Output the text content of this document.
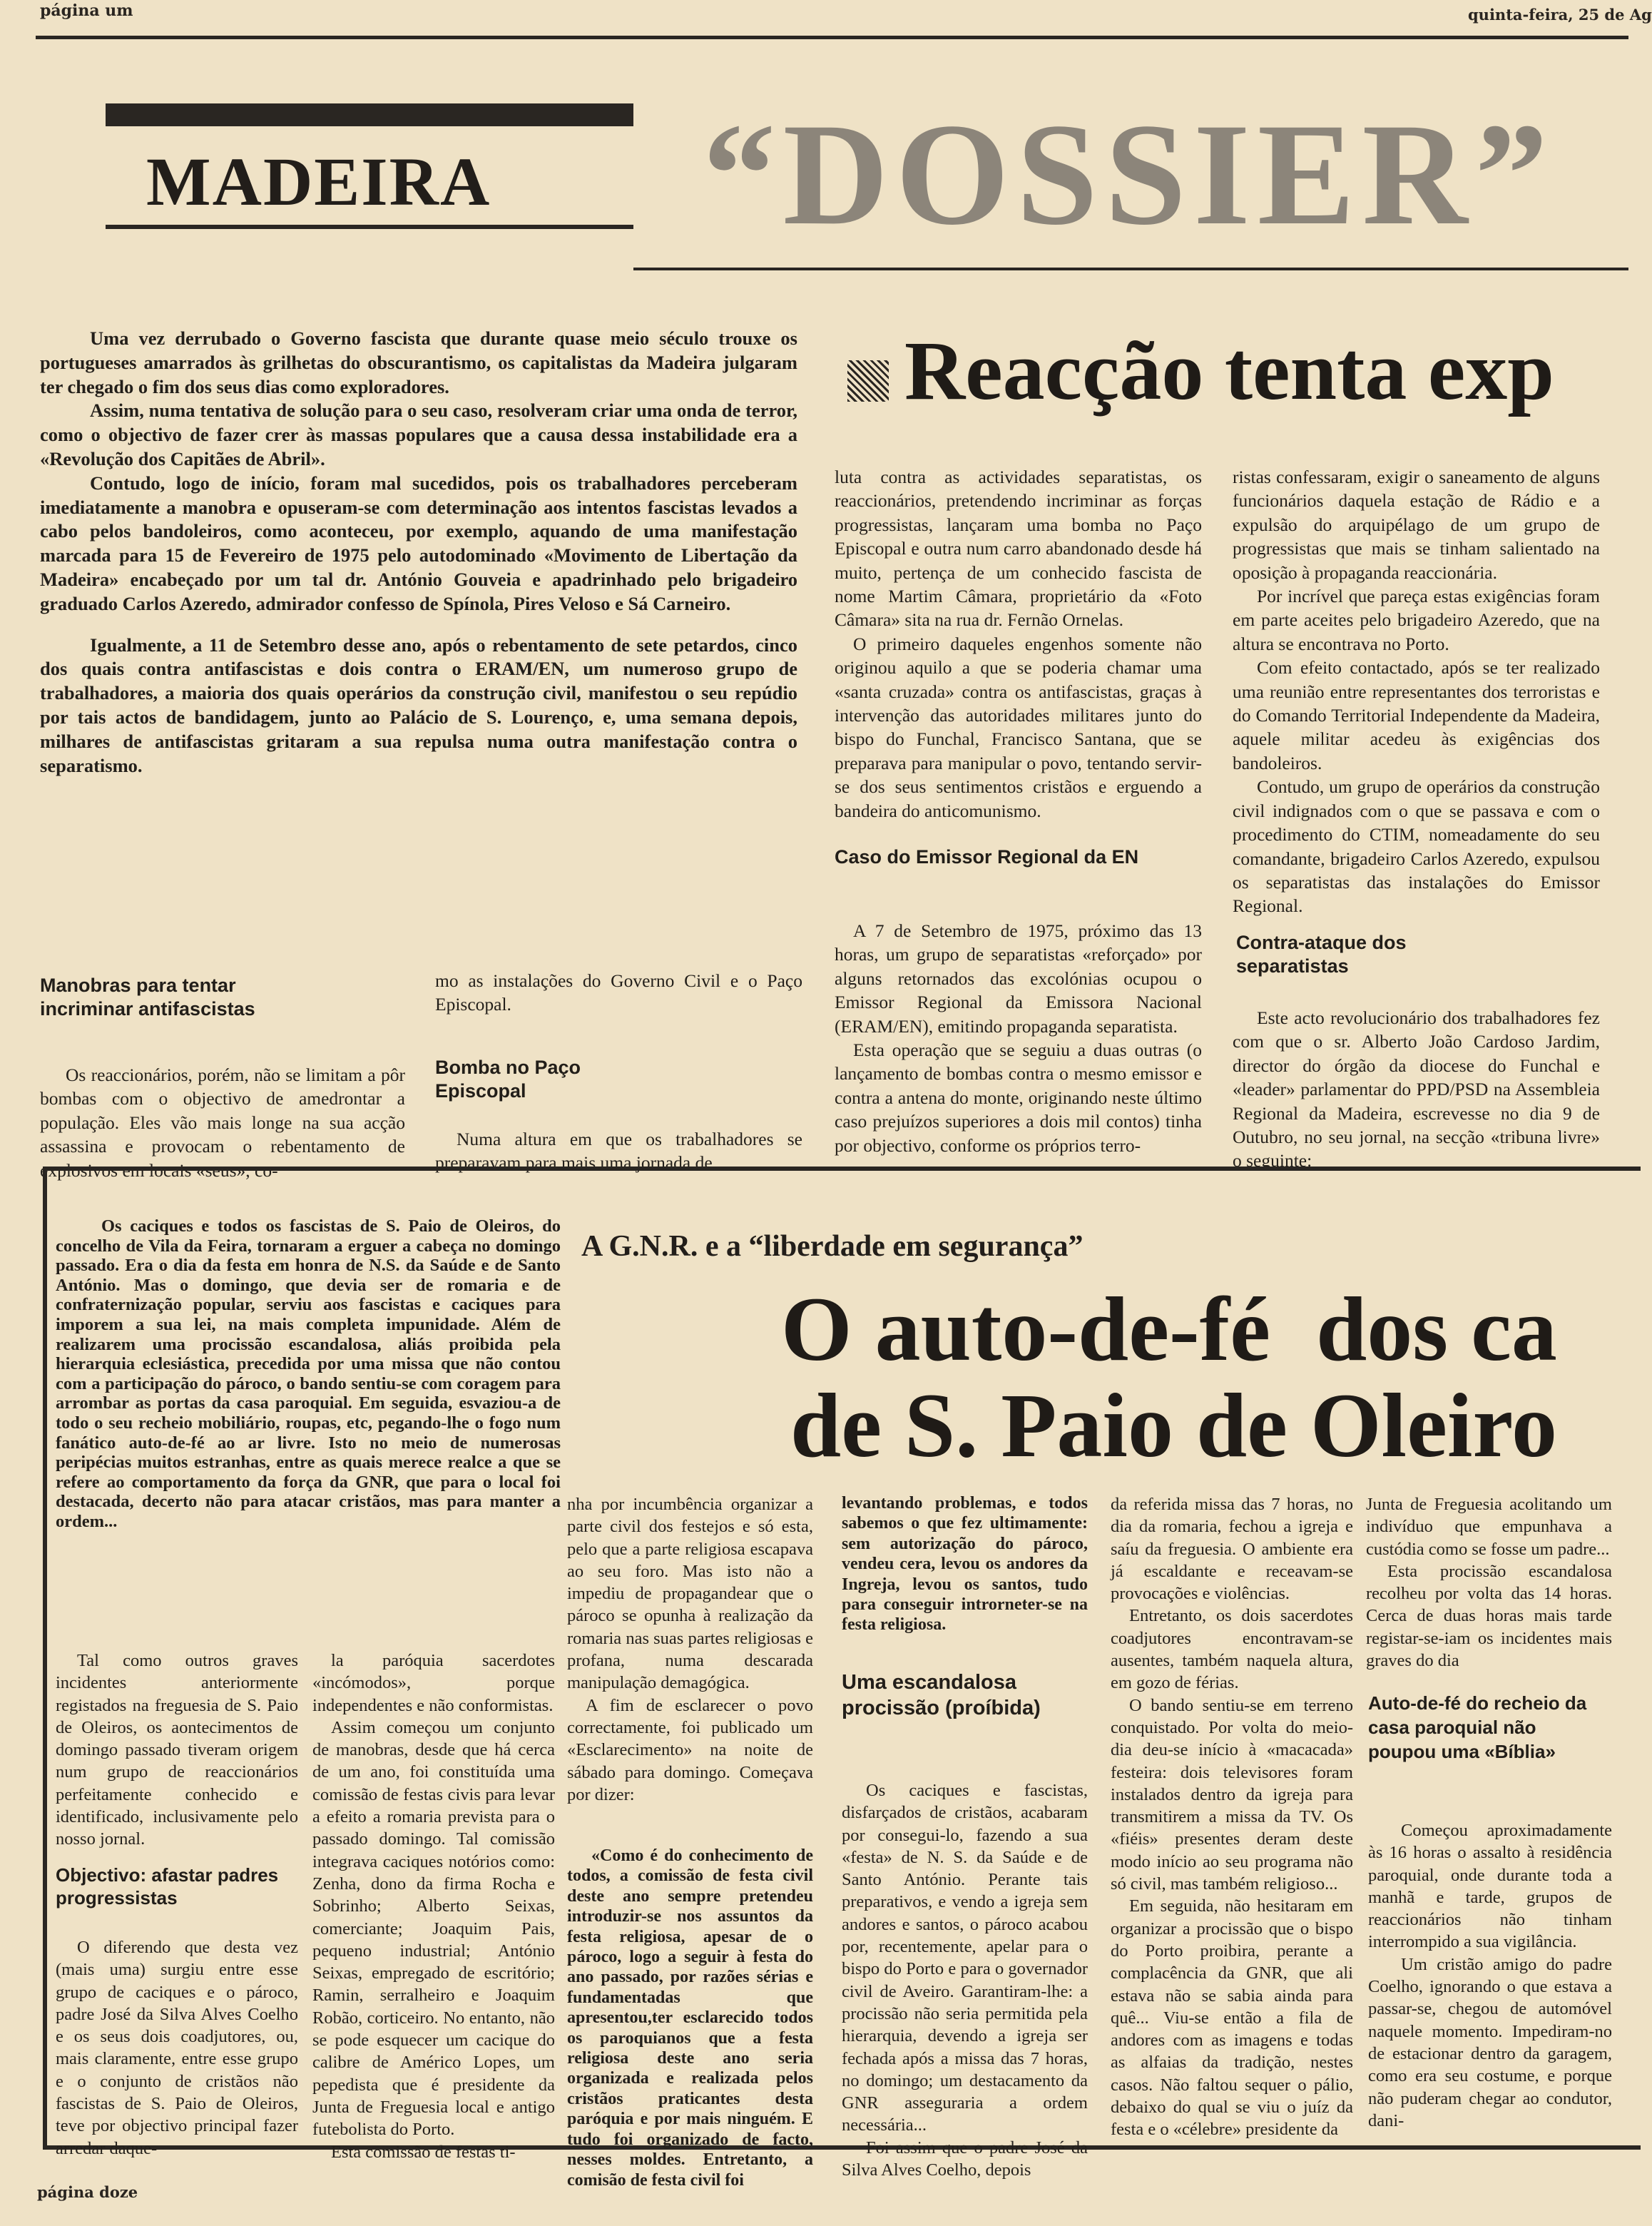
página um	quinta-feira, 25 de Ag
MADEIRA “DOSSIER”

Uma vez derrubado o Governo fascista que durante quase meio século trouxe os portugueses amarrados às grilhetas do obscurantismo, os capitalistas da Madeira julgaram ter chegado o fim dos seus dias como exploradores.

Assim, numa tentativa de solução para o seu caso, resolveram criar uma onda de terror, como o objectivo de fazer crer às massas populares que a causa dessa instabilidade era a «Revolução dos Capitães de Abril».

Contudo, logo de início, foram mal sucedidos, pois os trabalhadores perceberam imediatamente a manobra e opuseram-se com determinação aos intentos fascistas levados a cabo pelos bandoleiros, como aconteceu, por exemplo, aquando de uma manifestação marcada para 15 de Fevereiro de 1975 pelo autodominado «Movimento de Libertação da Madeira» encabeçado por um tal dr. António Gouveia e apadrinhado pelo brigadeiro graduado Carlos Azeredo, admirador confesso de Spínola, Pires Veloso e Sá Carneiro.

Igualmente, a 11 de Setembro desse ano, após o rebentamento de sete petardos, cinco dos quais contra antifascistas e dois contra o ERAM/EN, um numeroso grupo de trabalhadores, a maioria dos quais operários da construção civil, manifestou o seu repúdio por tais actos de bandidagem, junto ao Palácio de S. Lourenço, e, uma semana depois, milhares de antifascistas gritaram a sua repulsa numa outra manifestação contra o separatismo.

Reacção tenta exp
Manobras para tentar incriminar antifascistas

Os reaccionários, porém, não se limitam a pôr bombas com o objectivo de amedrontar a população. Eles vão mais longe na sua acção assassina e provocam o rebentamento de explosivos em locais «seus», co-

mo as instalações do Governo Civil e o Paço Episcopal.

Bomba no Paço Episcopal

Numa altura em que os trabalhadores se preparavam para mais uma jornada de

luta contra as actividades separatistas, os reaccionários, pretendendo incriminar as forças progressistas, lançaram uma bomba no Paço Episcopal e outra num carro abandonado desde há muito, pertença de um conhecido fascista de nome Martim Câmara, proprietário da «Foto Câmara» sita na rua dr. Fernão Ornelas.

O primeiro daqueles engenhos somente não originou aquilo a que se poderia chamar uma «santa cruzada» contra os antifascistas, graças à intervenção das autoridades militares junto do bispo do Funchal, Francisco Santana, que se preparava para manipular o povo, tentando servir-se dos seus sentimentos cristãos e erguendo a bandeira do anticomunismo.

Caso do Emissor Regional da EN

A 7 de Setembro de 1975, próximo das 13 horas, um grupo de separatistas «reforçado» por alguns retornados das excolónias ocupou o Emissor Regional da Emissora Nacional (ERAM/EN), emitindo propaganda separatista.

Esta operação que se seguiu a duas outras (o lançamento de bombas contra o mesmo emissor e contra a antena do monte, originando neste último caso prejuízos superiores a dois mil contos) tinha por objectivo, conforme os próprios terro-

ristas confessaram, exigir o saneamento de alguns funcionários daquela estação de Rádio e a expulsão do arquipélago de um grupo de progressistas que mais se tinham salientado na oposição à propaganda reaccionária.

Por incrível que pareça estas exigências foram em parte aceites pelo brigadeiro Azeredo, que na altura se encontrava no Porto.

Com efeito contactado, após se ter realizado uma reunião entre representantes dos terroristas e do Comando Territorial Independente da Madeira, aquele militar acedeu às exigências dos bandoleiros.

Contudo, um grupo de operários da construção civil indignados com o que se passava e com o procedimento do CTIM, nomeadamente do seu comandante, brigadeiro Carlos Azeredo, expulsou os separatistas das instalações do Emissor Regional.

Contra-ataque dos separatistas

Este acto revolucionário dos trabalhadores fez com que o sr. Alberto João Cardoso Jardim, director do órgão da diocese do Funchal e «leader» parlamentar do PPD/PSD na Assembleia Regional da Madeira, escrevesse no dia 9 de Outubro, no seu jornal, na secção «tribuna livre» o seguinte:

Os caciques e todos os fascistas de S. Paio de Oleiros, do concelho de Vila da Feira, tornaram a erguer a cabeça no domingo passado. Era o dia da festa em honra de N.S. da Saúde e de Santo António. Mas o domingo, que devia ser de romaria e de confraternização popular, serviu aos fascistas e caciques para imporem a sua lei, na mais completa impunidade. Além de realizarem uma procissão escandalosa, aliás proibida pela hierarquia eclesiástica, precedida por uma missa que não contou com a participação do pároco, o bando sentiu-se com coragem para arrombar as portas da casa paroquial. Em seguida, esvaziou-a de todo o seu recheio mobiliário, roupas, etc, pegando-lhe o fogo num fanático auto-de-fé ao ar livre. Isto no meio de numerosas peripécias muitos estranhas, entre as quais merece realce a que se refere ao comportamento da força da GNR, que para o local foi destacada, decerto não para atacar cristãos, mas para manter a ordem...

A G.N.R. e a “liberdade em segurança”
O auto-de-fé  dos ca
de S. Paio de Oleiro

Tal como outros graves incidentes anteriormente registados na freguesia de S. Paio de Oleiros, os aontecimentos de domingo passado tiveram origem num grupo de reaccionários perfeitamente conhecido e identificado, inclusivamente pelo nosso jornal.

Objectivo: afastar padres progressistas

O diferendo que desta vez (mais uma) surgiu entre esse grupo de caciques e o pároco, padre José da Silva Alves Coelho e os seus dois coadjutores, ou, mais claramente, entre esse grupo e o conjunto de cristãos não fascistas de S. Paio de Oleiros, teve por objectivo principal fazer arredar daque-

la paróquia sacerdotes «incómodos», porque independentes e não conformistas.

Assim começou um conjunto de manobras, desde que há cerca de um ano, foi constituída uma comissão de festas civis para levar a efeito a romaria prevista para o passado domingo. Tal comissão integrava caciques notórios como: Zenha, dono da firma Rocha e Sobrinho; Alberto Seixas, comerciante; Joaquim Pais, pequeno industrial; António Seixas, empregado de escritório; Ramin, serralheiro e Joaquim Robão, corticeiro. No entanto, não se pode esquecer um cacique do calibre de Américo Lopes, um pepedista que é presidente da Junta de Freguesia local e antigo futebolista do Porto.

Esta comissão de festas ti-

nha por incumbência organizar a parte civil dos festejos e só esta, pelo que a parte religiosa escapava ao seu foro. Mas isto não a impediu de propagandear que o pároco se opunha à realização da romaria nas suas partes religiosas e profana, numa descarada manipulação demagógica.

A fim de esclarecer o povo correctamente, foi publicado um «Esclarecimento» na noite de sábado para domingo. Começava por dizer:

«Como é do conhecimento de todos, a comissão de festa civil deste ano sempre pretendeu introduzir-se nos assuntos da festa religiosa, apesar de o pároco, logo a seguir à festa do ano passado, por razões sérias e fundamentadas que apresentou,ter esclarecido todos os paroquianos que a festa religiosa deste ano seria organizada e realizada pelos cristãos praticantes desta paróquia e por mais ninguém. E tudo foi organizado de facto, nesses moldes. Entretanto, a comisão de festa civil foi

levantando problemas, e todos sabemos o que fez ultimamente: sem autorização do pároco, vendeu cera, levou os andores da Ingreja, levou os santos, tudo para conseguir introrneter-se na festa religiosa.

Uma escandalosa procissão (proíbida)

Os caciques e fascistas, disfarçados de cristãos, acabaram por consegui-lo, fazendo a sua «festa» de N. S. da Saúde e de Santo António. Perante tais preparativos, e vendo a igreja sem andores e santos, o pároco acabou por, recentemente, apelar para o bispo do Porto e para o governador civil de Aveiro. Garantiram-lhe: a procissão não seria permitida pela hierarquia, devendo a igreja ser fechada após a missa das 7 horas, no domingo; um destacamento da GNR asseguraria a ordem necessária...

Foi assim que o padre José da Silva Alves Coelho, depois

da referida missa das 7 horas, no dia da romaria, fechou a igreja e saíu da freguesia. O ambiente era já escaldante e receavam-se provocações e violências.

Entretanto, os dois sacerdotes coadjutores encontravam-se ausentes, também naquela altura, em gozo de férias.

O bando sentiu-se em terreno conquistado. Por volta do meio-dia deu-se início à «macacada» festeira: dois televisores foram instalados dentro da igreja para transmitirem a missa da TV. Os «fiéis» presentes deram deste modo início ao seu programa não só civil, mas também religioso...

Em seguida, não hesitaram em organizar a procissão que o bispo do Porto proibira, perante a complacência da GNR, que ali estava não se sabia ainda para quê... Viu-se então a fila de andores com as imagens e todas as alfaias da tradição, nestes casos. Não faltou sequer o pálio, debaixo do qual se viu o juíz da festa e o «célebre» presidente da

Junta de Freguesia acolitando um indivíduo que empunhava a custódia como se fosse um padre...

Esta procissão escandalosa recolheu por volta das 14 horas. Cerca de duas horas mais tarde registar-se-iam os incidentes mais graves do dia

Auto-de-fé do recheio da casa paroquial não poupou uma «Bíblia»

Começou aproximadamente às 16 horas o assalto à residência paroquial, onde durante toda a manhã e tarde, grupos de reaccionários não tinham interrompido a sua vigilância.

Um cristão amigo do padre Coelho, ignorando o que estava a passar-se, chegou de automóvel naquele momento. Impediram-no de estacionar dentro da garagem, como era seu costume, e porque não puderam chegar ao condutor, dani-

página doze
